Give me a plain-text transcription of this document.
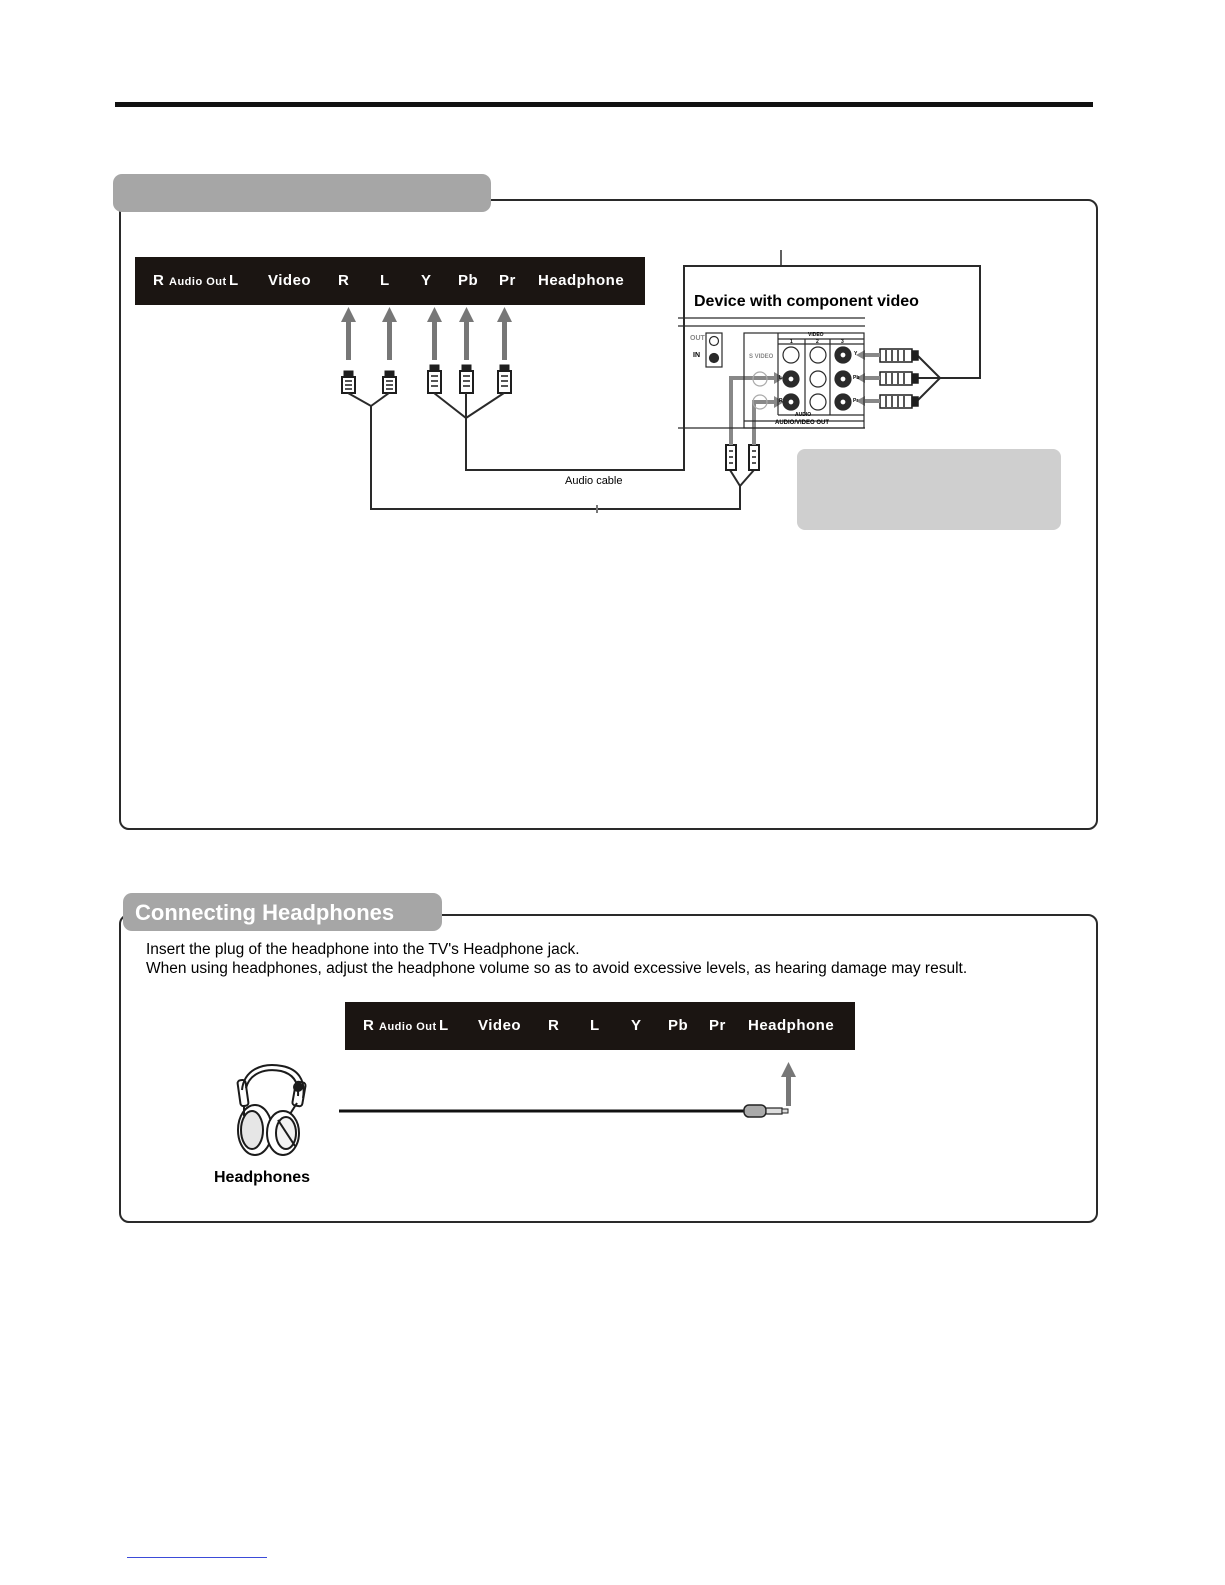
R Audio Out L Video R L Y Pb Pr Headphone
OUT
IN	S VIDEO
VIDEO
1	2	3
Y
Pb
Pr
L
R
AUDIO
AUDIO/VIDEO OUT
Device with component video
Audio cable
Connecting Headphones
Insert the plug of the headphone into the TV's Headphone jack.
When using headphones, adjust the headphone volume so as to avoid excessive levels, as hearing damage may result.
R Audio Out L Video R L Y Pb Pr Headphone
Headphones
